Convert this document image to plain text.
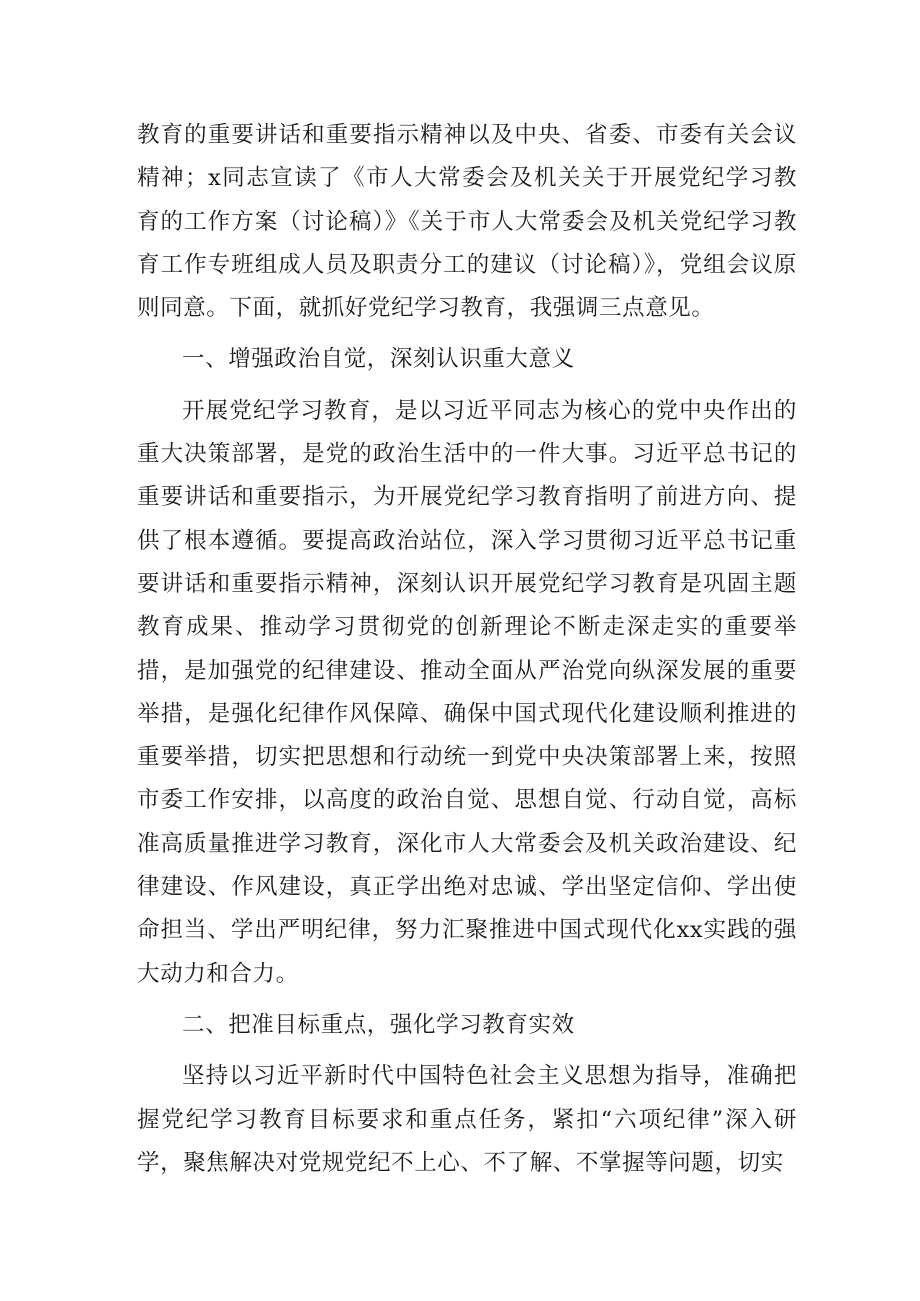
教育的重要讲话和重要指示精神以及中央、省委、市委有关会议精神；x同志宣读了《市人大常委会及机关关于开展党纪学习教育的工作方案（讨论稿）》《关于市人大常委会及机关党纪学习教育工作专班组成人员及职责分工的建议（讨论稿）》，党组会议原则同意。下面，就抓好党纪学习教育，我强调三点意见。

一、增强政治自觉，深刻认识重大意义

开展党纪学习教育，是以习近平同志为核心的党中央作出的重大决策部署，是党的政治生活中的一件大事。习近平总书记的重要讲话和重要指示，为开展党纪学习教育指明了前进方向、提供了根本遵循。要提高政治站位，深入学习贯彻习近平总书记重要讲话和重要指示精神，深刻认识开展党纪学习教育是巩固主题教育成果、推动学习贯彻党的创新理论不断走深走实的重要举措，是加强党的纪律建设、推动全面从严治党向纵深发展的重要举措，是强化纪律作风保障、确保中国式现代化建设顺利推进的重要举措，切实把思想和行动统一到党中央决策部署上来，按照市委工作安排，以高度的政治自觉、思想自觉、行动自觉，高标准高质量推进学习教育，深化市人大常委会及机关政治建设、纪律建设、作风建设，真正学出绝对忠诚、学出坚定信仰、学出使命担当、学出严明纪律，努力汇聚推进中国式现代化xx实践的强大动力和合力。

二、把准目标重点，强化学习教育实效

坚持以习近平新时代中国特色社会主义思想为指导，准确把握党纪学习教育目标要求和重点任务，紧扣“六项纪律”深入研学，聚焦解决对党规党纪不上心、不了解、不掌握等问题，切实
